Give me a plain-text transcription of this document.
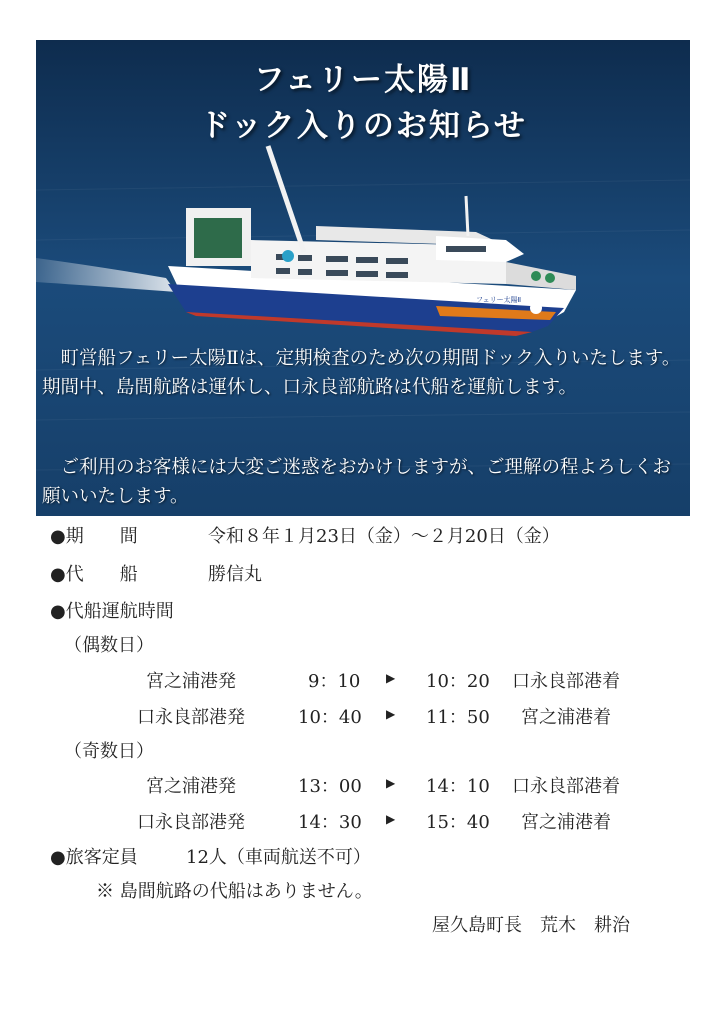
フェリー太陽Ⅱ
フェリー太陽Ⅱ
ドック入りのお知らせ

　町営船フェリー太陽Ⅱは、定期検査のため次の期間ドック入りいたします。期間中、島間航路は運休し、口永良部航路は代船を運航します。

　ご利用のお客様には大変ご迷惑をおかけしますが、ご理解の程よろしくお願いいたします。

●期　　間	令和８年１月23日（金）～２月20日（金）
●代　　船	勝信丸
●代船運航時間
（偶数日）
宮之浦港発	9：10 ▶ 10：20 口永良部港着
口永良部港発	10：40 ▶ 11：50 宮之浦港着
（奇数日）
宮之浦港発	13：00 ▶ 14：10 口永良部港着
口永良部港発	14：30 ▶ 15：40 宮之浦港着
●旅客定員	12人（車両航送不可）
※ 島間航路の代船はありません。
屋久島町長　荒木　耕治
